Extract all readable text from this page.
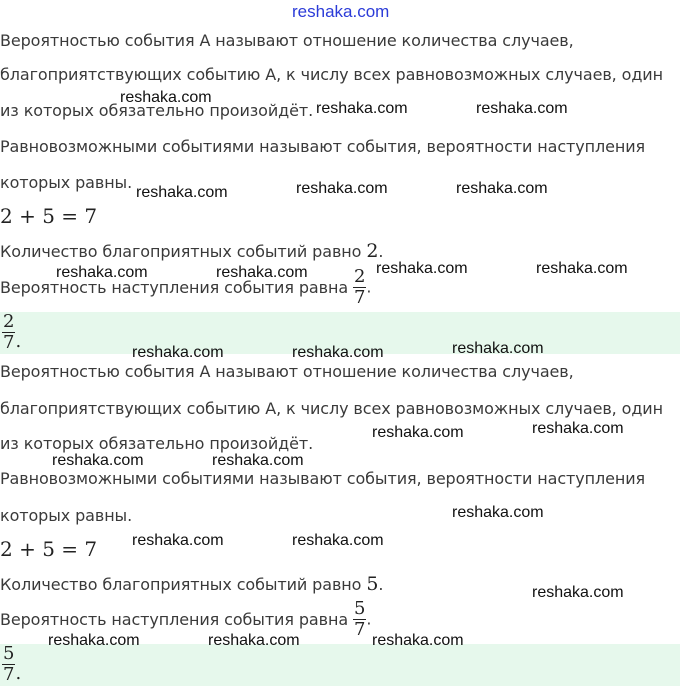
reshaka.com
Вероятностью события А называют отношение количества случаев,
благоприятствующих событию А, к числу всех равновозможных случаев, один
из которых обязательно произойдёт.
Равновозможными событиями называют события, вероятности наступления
которых равны.
2 + 5 = 7
Количество благоприятных событий равно 2.
Вероятность наступления события равна $\frac{2}{7}$ .
$\frac{2}{7}$ .
Вероятностью события А называют отношение количества случаев,
благоприятствующих событию А, к числу всех равновозможных случаев, один
из которых обязательно произойдёт.
Равновозможными событиями называют события, вероятности наступления
которых равны.
2 + 5 = 7
Количество благоприятных событий равно 5.
Вероятность наступления события равна $\frac{5}{7}$ .
$\frac{5}{7}$ .
reshaka.com
reshaka.com	reshaka.com
reshaka.com	reshaka.com	reshaka.com
reshaka.com	reshaka.com	reshaka.com	reshaka.com
reshaka.com	reshaka.com	reshaka.com
reshaka.com	reshaka.com
reshaka.com	reshaka.com
reshaka.com
reshaka.com	reshaka.com
reshaka.com
reshaka.com	reshaka.com	reshaka.com
